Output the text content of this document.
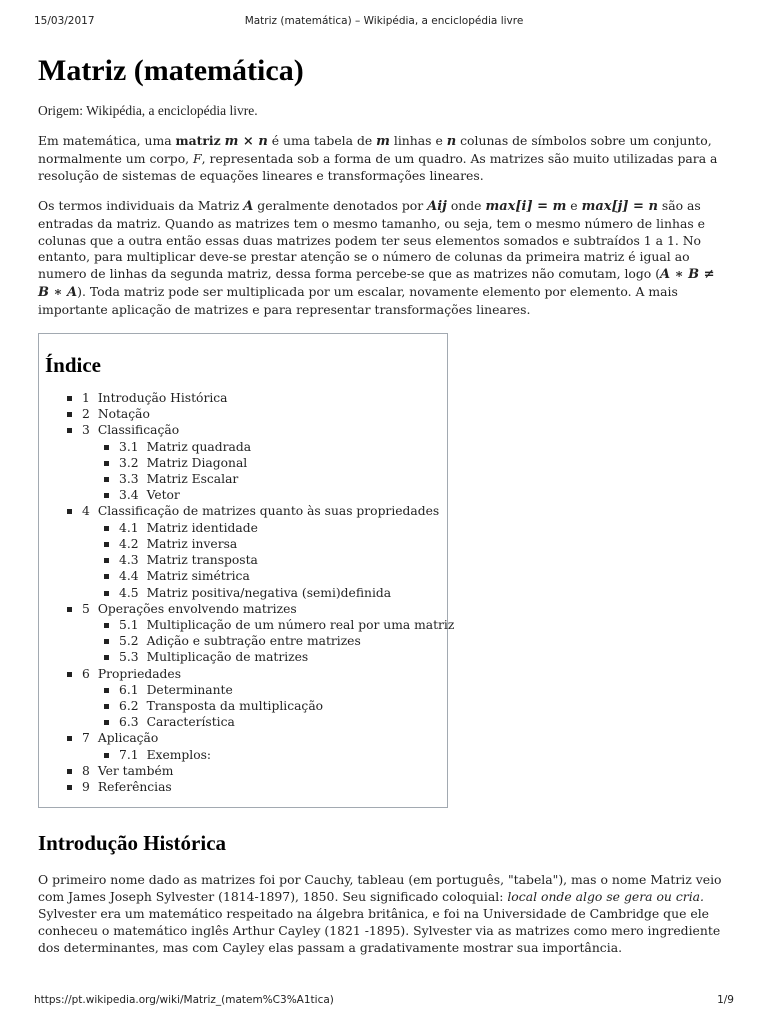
15/03/2017	Matriz (matemática) – Wikipédia, a enciclopédia livre
Matriz (matemática)
Origem: Wikipédia, a enciclopédia livre.

Em matemática, uma matriz m × n é uma tabela de m linhas e n colunas de símbolos sobre um conjunto, normalmente um corpo, F, representada sob a forma de um quadro. As matrizes são muito utilizadas para a resolução de sistemas de equações lineares e transformações lineares.

Os termos individuais da Matriz A geralmente denotados por Aij onde max[i] = m e max[j] = n são as entradas da matriz. Quando as matrizes tem o mesmo tamanho, ou seja, tem o mesmo número de linhas e colunas que a outra então essas duas matrizes podem ter seus elementos somados e subtraídos 1 a 1. No entanto, para multiplicar deve-se prestar atenção se o número de colunas da primeira matriz é igual ao numero de linhas da segunda matriz, dessa forma percebe-se que as matrizes não comutam, logo (A ∗ B ≠ B ∗ A). Toda matriz pode ser multiplicada por um escalar, novamente elemento por elemento. A mais importante aplicação de matrizes e para representar transformações lineares.

Índice
1 Introdução Histórica
2 Notação
3 Classificação
3.1 Matriz quadrada
3.2 Matriz Diagonal
3.3 Matriz Escalar
3.4 Vetor
4 Classificação de matrizes quanto às suas propriedades
4.1 Matriz identidade
4.2 Matriz inversa
4.3 Matriz transposta
4.4 Matriz simétrica
4.5 Matriz positiva/negativa (semi)definida
5 Operações envolvendo matrizes
5.1 Multiplicação de um número real por uma matriz
5.2 Adição e subtração entre matrizes
5.3 Multiplicação de matrizes
6 Propriedades
6.1 Determinante
6.2 Transposta da multiplicação
6.3 Característica
7 Aplicação
7.1 Exemplos:
8 Ver também
9 Referências
Introdução Histórica

O primeiro nome dado as matrizes foi por Cauchy, tableau (em português, "tabela"), mas o nome Matriz veio com James Joseph Sylvester (1814-1897), 1850. Seu significado coloquial: local onde algo se gera ou cria. Sylvester era um matemático respeitado na álgebra britânica, e foi na Universidade de Cambridge que ele conheceu o matemático inglês Arthur Cayley (1821 -1895). Sylvester via as matrizes como mero ingrediente dos determinantes, mas com Cayley elas passam a gradativamente mostrar sua importância.

https://pt.wikipedia.org/wiki/Matriz_(matem%C3%A1tica)	1/9
